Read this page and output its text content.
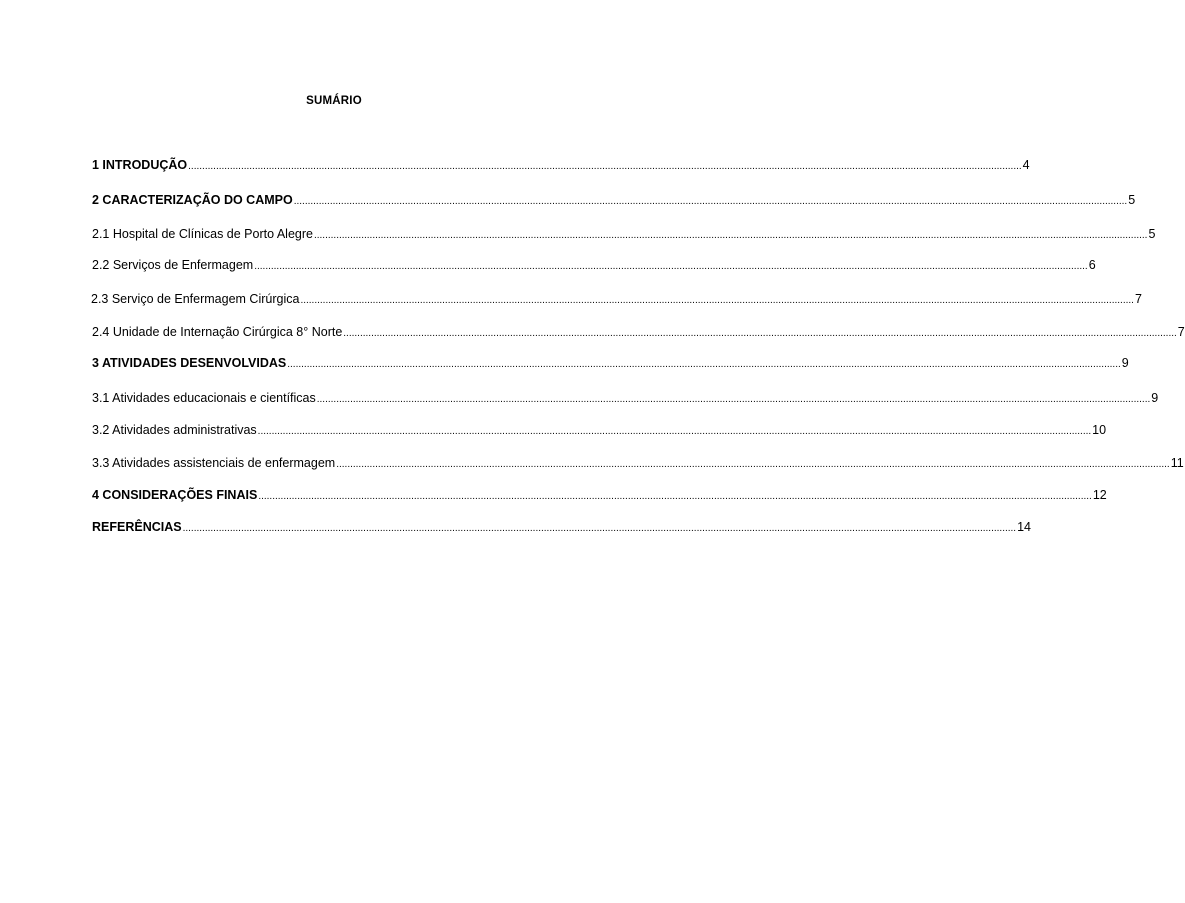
SUMÁRIO
1 INTRODUÇÃO ............................................................................................................................................................................................................................................................................................................ 4
2 CARACTERIZAÇÃO DO CAMPO ............................................................................................................................................................................................................................................................................................................ 5
2.1 Hospital de Clínicas de Porto Alegre ............................................................................................................................................................................................................................................................................................................ 5
2.2 Serviços de Enfermagem ............................................................................................................................................................................................................................................................................................................ 6
2.3 Serviço de Enfermagem Cirúrgica ............................................................................................................................................................................................................................................................................................................ 7
2.4 Unidade de Internação Cirúrgica 8° Norte ............................................................................................................................................................................................................................................................................................................ 7
3 ATIVIDADES DESENVOLVIDAS ............................................................................................................................................................................................................................................................................................................ 9
3.1 Atividades educacionais e científicas ............................................................................................................................................................................................................................................................................................................ 9
3.2 Atividades administrativas ............................................................................................................................................................................................................................................................................................................ 10
3.3 Atividades assistenciais de enfermagem ............................................................................................................................................................................................................................................................................................................ 11
4 CONSIDERAÇÕES FINAIS ............................................................................................................................................................................................................................................................................................................ 12
REFERÊNCIAS ............................................................................................................................................................................................................................................................................................................ 14
